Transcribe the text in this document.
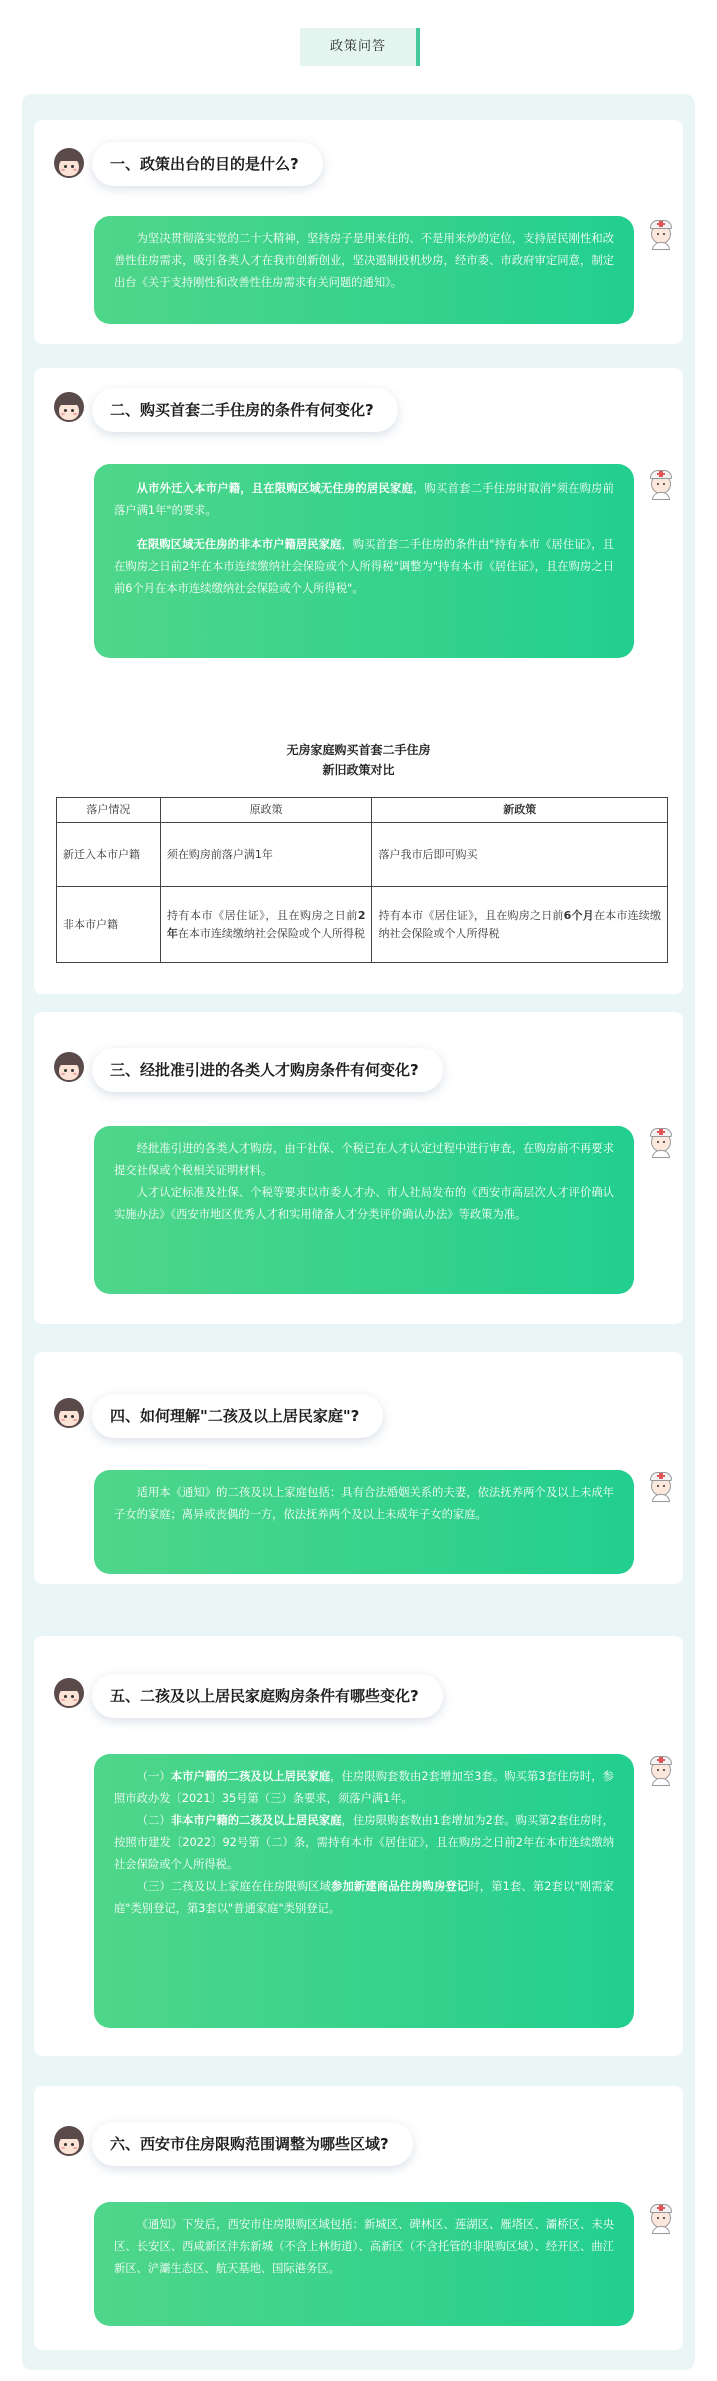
政策问答
一、政策出台的目的是什么?

为坚决贯彻落实党的二十大精神，坚持房子是用来住的、不是用来炒的定位，支持居民刚性和改善性住房需求，吸引各类人才在我市创新创业，坚决遏制投机炒房，经市委、市政府审定同意，制定出台《关于支持刚性和改善性住房需求有关问题的通知》。

二、购买首套二手住房的条件有何变化?

从市外迁入本市户籍，且在限购区域无住房的居民家庭，购买首套二手住房时取消"须在购房前落户满1年"的要求。

在限购区域无住房的非本市户籍居民家庭，购买首套二手住房的条件由"持有本市《居住证》，且在购房之日前2年在本市连续缴纳社会保险或个人所得税"调整为"持有本市《居住证》，且在购房之日前6个月在本市连续缴纳社会保险或个人所得税"。

无房家庭购买首套二手住房
新旧政策对比
落户情况	原政策	新政策
新迁入本市户籍	须在购房前落户满1年	落户我市后即可购买
非本市户籍	持有本市《居住证》，且在购房之日前2年在本市连续缴纳社会保险或个人所得税	持有本市《居住证》，且在购房之日前6个月在本市连续缴纳社会保险或个人所得税
三、经批准引进的各类人才购房条件有何变化?

经批准引进的各类人才购房，由于社保、个税已在人才认定过程中进行审查，在购房前不再要求提交社保或个税相关证明材料。

人才认定标准及社保、个税等要求以市委人才办、市人社局发布的《西安市高层次人才评价确认实施办法》《西安市地区优秀人才和实用储备人才分类评价确认办法》等政策为准。

四、如何理解"二孩及以上居民家庭"?

适用本《通知》的二孩及以上家庭包括：具有合法婚姻关系的夫妻，依法抚养两个及以上未成年子女的家庭；离异或丧偶的一方，依法抚养两个及以上未成年子女的家庭。

五、二孩及以上居民家庭购房条件有哪些变化?

（一）本市户籍的二孩及以上居民家庭，住房限购套数由2套增加至3套。购买第3套住房时，参照市政办发〔2021〕35号第（三）条要求，须落户满1年。

（二）非本市户籍的二孩及以上居民家庭，住房限购套数由1套增加为2套。购买第2套住房时，按照市建发〔2022〕92号第（二）条，需持有本市《居住证》，且在购房之日前2年在本市连续缴纳社会保险或个人所得税。

（三）二孩及以上家庭在住房限购区域参加新建商品住房购房登记时，第1套、第2套以"刚需家庭"类别登记，第3套以"普通家庭"类别登记。

六、西安市住房限购范围调整为哪些区域?

《通知》下发后，西安市住房限购区域包括：新城区、碑林区、莲湖区、雁塔区、灞桥区、未央区、长安区、西咸新区沣东新城（不含上林街道）、高新区（不含托管的非限购区域）、经开区、曲江新区、浐灞生态区、航天基地、国际港务区。
